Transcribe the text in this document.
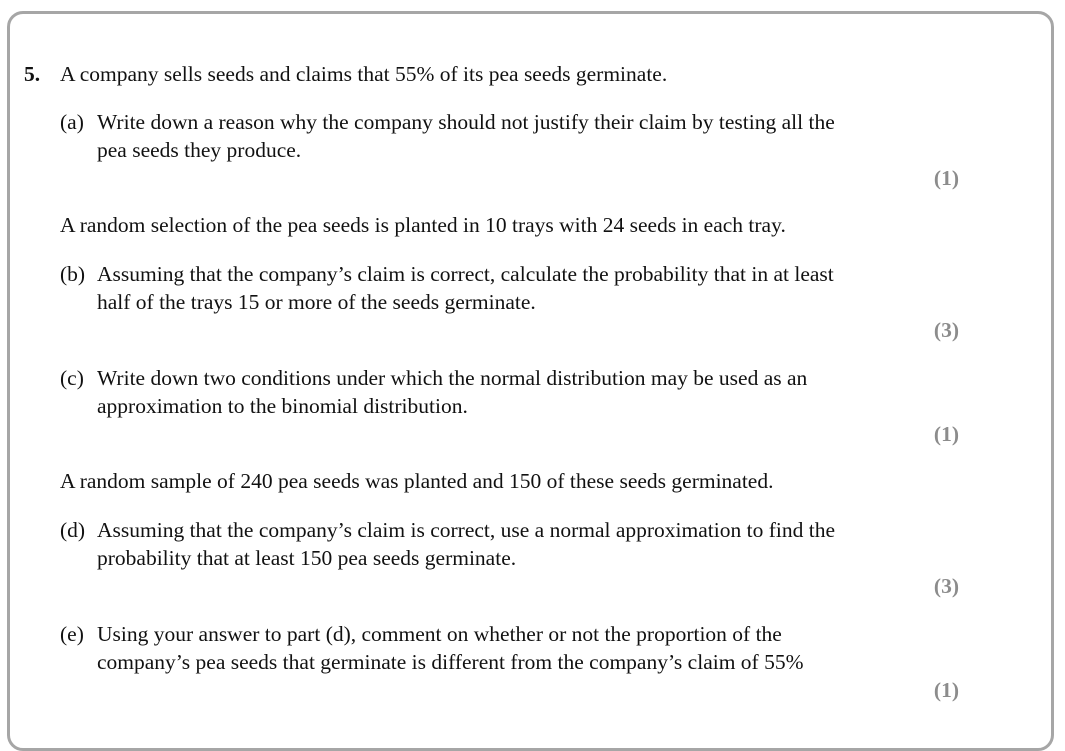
5. A company sells seeds and claims that 55% of its pea seeds germinate.
(a) Write down a reason why the company should not justify their claim by testing all the
pea seeds they produce.
(1)
A random selection of the pea seeds is planted in 10 trays with 24 seeds in each tray.
(b) Assuming that the company’s claim is correct, calculate the probability that in at least
half of the trays 15 or more of the seeds germinate.
(3)
(c) Write down two conditions under which the normal distribution may be used as an
approximation to the binomial distribution.
(1)
A random sample of 240 pea seeds was planted and 150 of these seeds germinated.
(d) Assuming that the company’s claim is correct, use a normal approximation to find the
probability that at least 150 pea seeds germinate.
(3)
(e) Using your answer to part (d), comment on whether or not the proportion of the
company’s pea seeds that germinate is different from the company’s claim of 55%
(1)
